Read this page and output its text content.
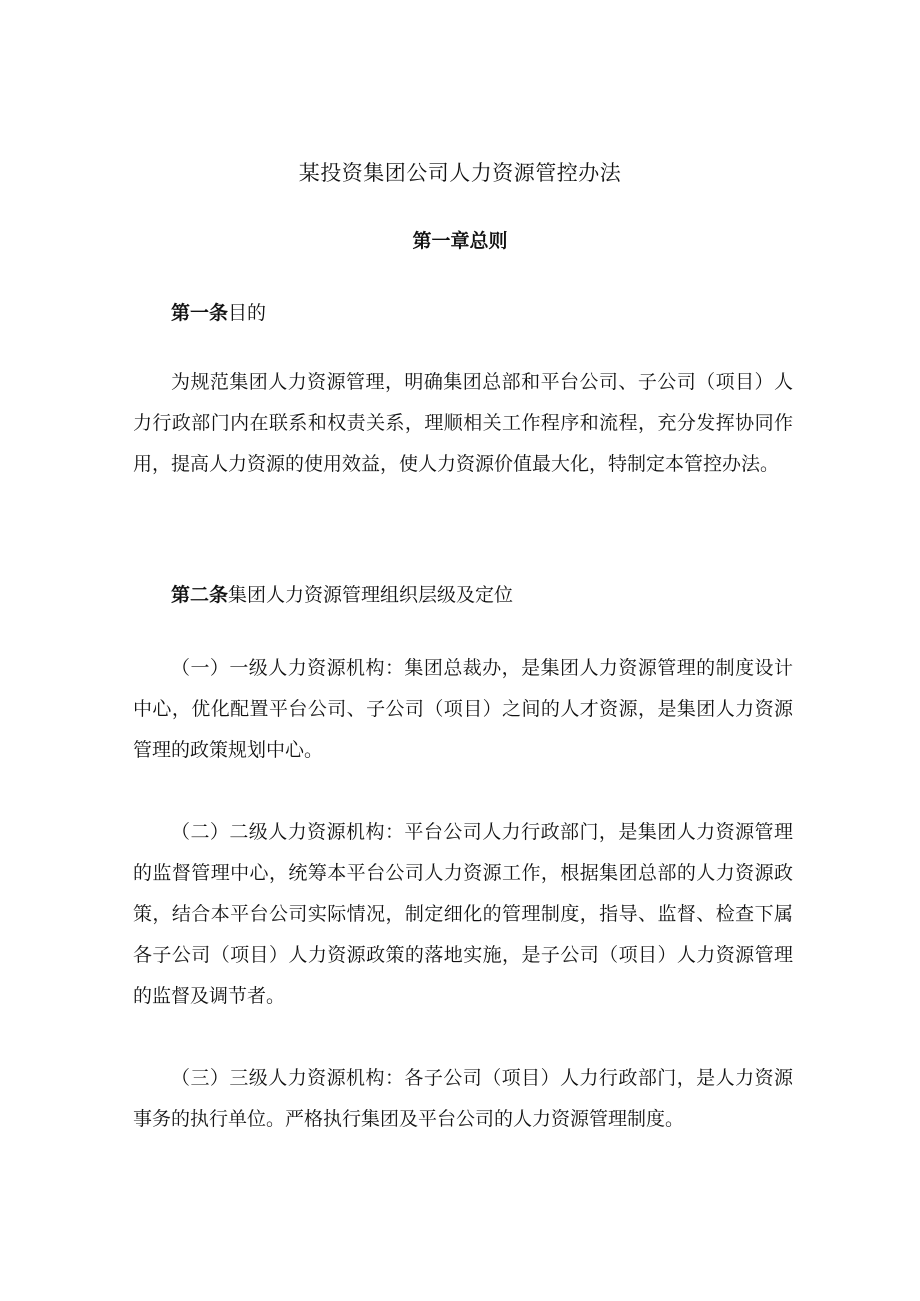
某投资集团公司人力资源管控办法
第一章总则

第一条目的

为规范集团人力资源管理，明确集团总部和平台公司、子公司（项目）人力行政部门内在联系和权责关系，理顺相关工作程序和流程，充分发挥协同作用，提高人力资源的使用效益，使人力资源价值最大化，特制定本管控办法。

第二条集团人力资源管理组织层级及定位

（一）一级人力资源机构：集团总裁办，是集团人力资源管理的制度设计中心，优化配置平台公司、子公司（项目）之间的人才资源，是集团人力资源管理的政策规划中心。

（二）二级人力资源机构：平台公司人力行政部门，是集团人力资源管理的监督管理中心，统筹本平台公司人力资源工作，根据集团总部的人力资源政策，结合本平台公司实际情况，制定细化的管理制度，指导、监督、检查下属各子公司（项目）人力资源政策的落地实施，是子公司（项目）人力资源管理的监督及调节者。

（三）三级人力资源机构：各子公司（项目）人力行政部门，是人力资源事务的执行单位。严格执行集团及平台公司的人力资源管理制度。
